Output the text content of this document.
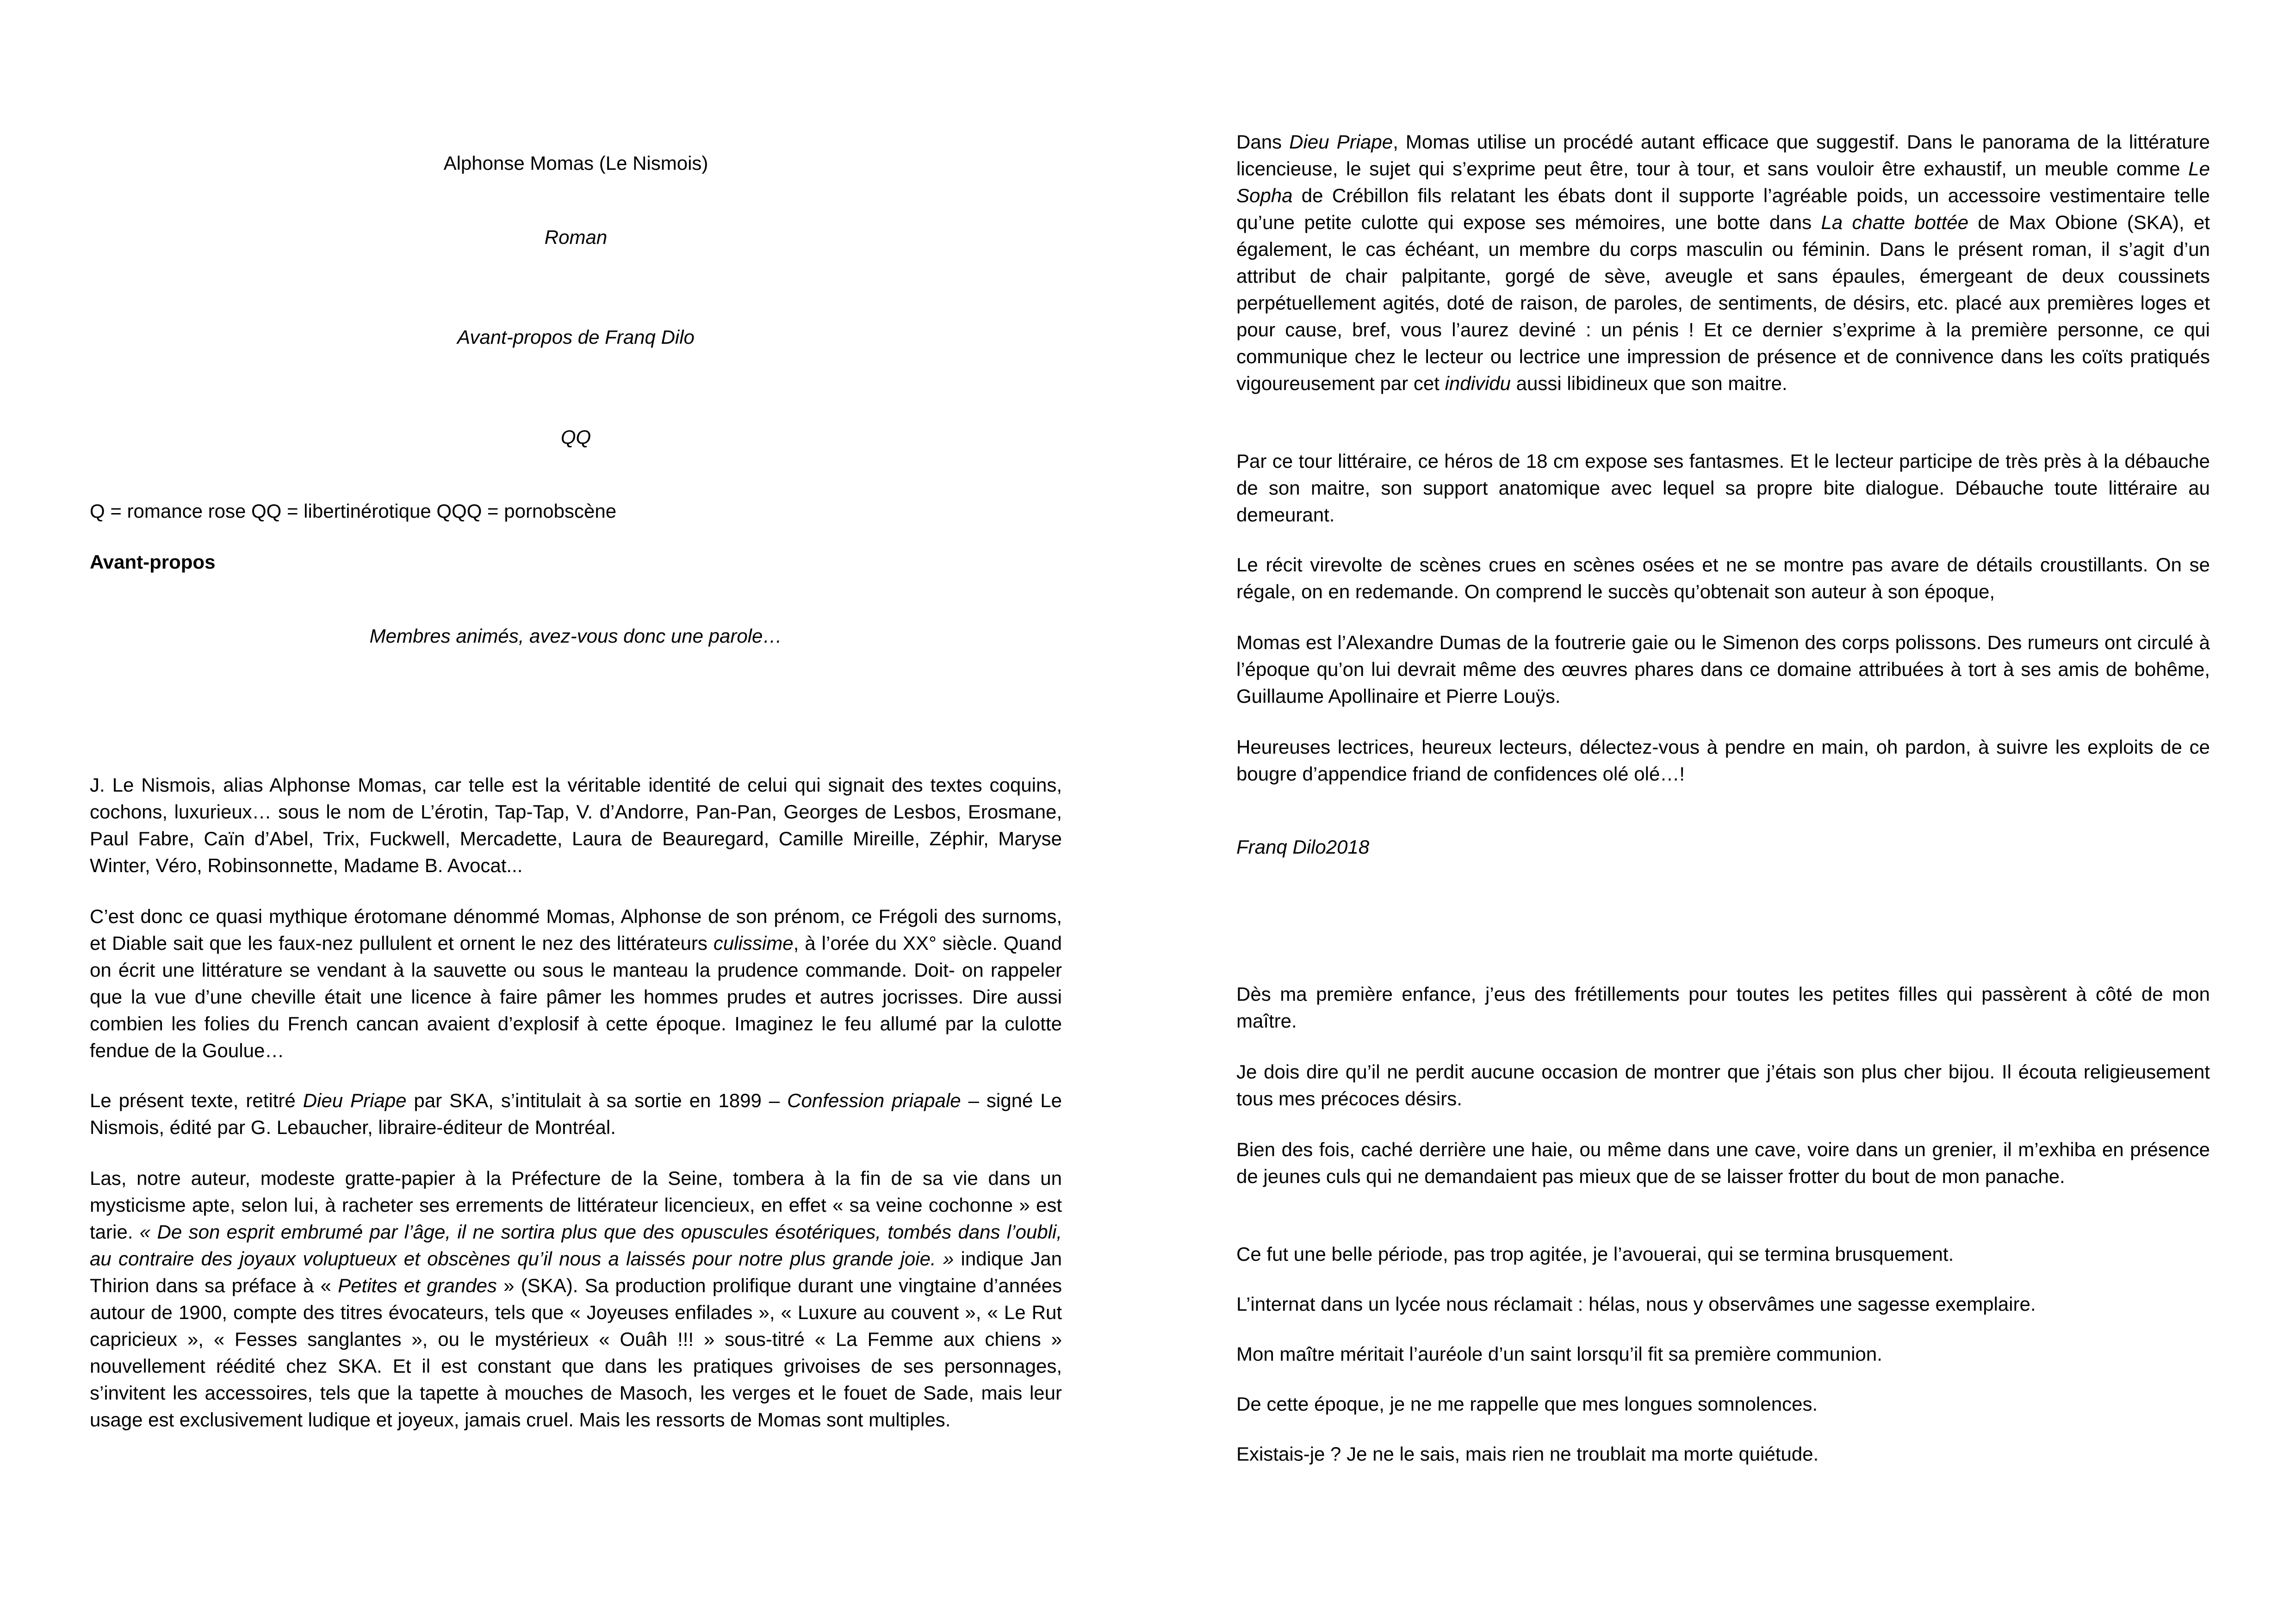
Alphonse Momas (Le Nismois)
Roman
Avant-propos de Franq Dilo
QQ
Q = romance rose QQ = libertinérotique QQQ = pornobscène
Avant-propos
Membres animés, avez-vous donc une parole…

J. Le Nismois, alias Alphonse Momas, car telle est la véritable identité de celui qui signait des textes coquins, cochons, luxurieux… sous le nom de L’érotin, Tap-Tap, V. d’Andorre, Pan-Pan, Georges de Lesbos, Erosmane, Paul Fabre, Caïn d’Abel, Trix, Fuckwell, Mercadette, Laura de Beauregard, Camille Mireille, Zéphir, Maryse Winter, Véro, Robinsonnette, Madame B. Avocat...

C’est donc ce quasi mythique érotomane dénommé Momas, Alphonse de son prénom, ce Frégoli des surnoms, et Diable sait que les faux-nez pullulent et ornent le nez des littérateurs culissime, à l’orée du XX° siècle. Quand on écrit une littérature se vendant à la sauvette ou sous le manteau la prudence commande. Doit- on rappeler que la vue d’une cheville était une licence à faire pâmer les hommes prudes et autres jocrisses. Dire aussi combien les folies du French cancan avaient d’explosif à cette époque. Imaginez le feu allumé par la culotte fendue de la Goulue…

Le présent texte, retitré Dieu Priape par SKA, s’intitulait à sa sortie en 1899 – Confession priapale – signé Le Nismois, édité par G. Lebaucher, libraire-éditeur de Montréal.

Las, notre auteur, modeste gratte-papier à la Préfecture de la Seine, tombera à la fin de sa vie dans un mysticisme apte, selon lui, à racheter ses errements de littérateur licencieux, en effet « sa veine cochonne » est tarie. « De son esprit embrumé par l’âge, il ne sortira plus que des opuscules ésotériques, tombés dans l’oubli, au contraire des joyaux voluptueux et obscènes qu’il nous a laissés pour notre plus grande joie. » indique Jan Thirion dans sa préface à « Petites et grandes » (SKA). Sa production prolifique durant une vingtaine d’années autour de 1900, compte des titres évocateurs, tels que « Joyeuses enfilades », « Luxure au couvent », « Le Rut capricieux », « Fesses sanglantes », ou le mystérieux « Ouâh !!! » sous-titré « La Femme aux chiens » nouvellement réédité chez SKA. Et il est constant que dans les pratiques grivoises de ses personnages, s’invitent les accessoires, tels que la tapette à mouches de Masoch, les verges et le fouet de Sade, mais leur usage est exclusivement ludique et joyeux, jamais cruel. Mais les ressorts de Momas sont multiples.

Dans Dieu Priape, Momas utilise un procédé autant efficace que suggestif. Dans le panorama de la littérature licencieuse, le sujet qui s’exprime peut être, tour à tour, et sans vouloir être exhaustif, un meuble comme Le Sopha de Crébillon fils relatant les ébats dont il supporte l’agréable poids, un accessoire vestimentaire telle qu’une petite culotte qui expose ses mémoires, une botte dans La chatte bottée de Max Obione (SKA), et également, le cas échéant, un membre du corps masculin ou féminin. Dans le présent roman, il s’agit d’un attribut de chair palpitante, gorgé de sève, aveugle et sans épaules, émergeant de deux coussinets perpétuellement agités, doté de raison, de paroles, de sentiments, de désirs, etc. placé aux premières loges et pour cause, bref, vous l’aurez deviné : un pénis ! Et ce dernier s’exprime à la première personne, ce qui communique chez le lecteur ou lectrice une impression de présence et de connivence dans les coïts pratiqués vigoureusement par cet individu aussi libidineux que son maitre.

Par ce tour littéraire, ce héros de 18 cm expose ses fantasmes. Et le lecteur participe de très près à la débauche de son maitre, son support anatomique avec lequel sa propre bite dialogue. Débauche toute littéraire au demeurant.

Le récit virevolte de scènes crues en scènes osées et ne se montre pas avare de détails croustillants. On se régale, on en redemande. On comprend le succès qu’obtenait son auteur à son époque,

Momas est l’Alexandre Dumas de la foutrerie gaie ou le Simenon des corps polissons. Des rumeurs ont circulé à l’époque qu’on lui devrait même des œuvres phares dans ce domaine attribuées à tort à ses amis de bohême, Guillaume Apollinaire et Pierre Louÿs.

Heureuses lectrices, heureux lecteurs, délectez-vous à pendre en main, oh pardon, à suivre les exploits de ce bougre d’appendice friand de confidences olé olé…!

Franq Dilo2018

Dès ma première enfance, j’eus des frétillements pour toutes les petites filles qui passèrent à côté de mon maître.

Je dois dire qu’il ne perdit aucune occasion de montrer que j’étais son plus cher bijou. Il écouta religieusement tous mes précoces désirs.

Bien des fois, caché derrière une haie, ou même dans une cave, voire dans un grenier, il m’exhiba en présence de jeunes culs qui ne demandaient pas mieux que de se laisser frotter du bout de mon panache.

Ce fut une belle période, pas trop agitée, je l’avouerai, qui se termina brusquement.

L’internat dans un lycée nous réclamait : hélas, nous y observâmes une sagesse exemplaire.

Mon maître méritait l’auréole d’un saint lorsqu’il fit sa première communion.

De cette époque, je ne me rappelle que mes longues somnolences.

Existais-je ? Je ne le sais, mais rien ne troublait ma morte quiétude.
